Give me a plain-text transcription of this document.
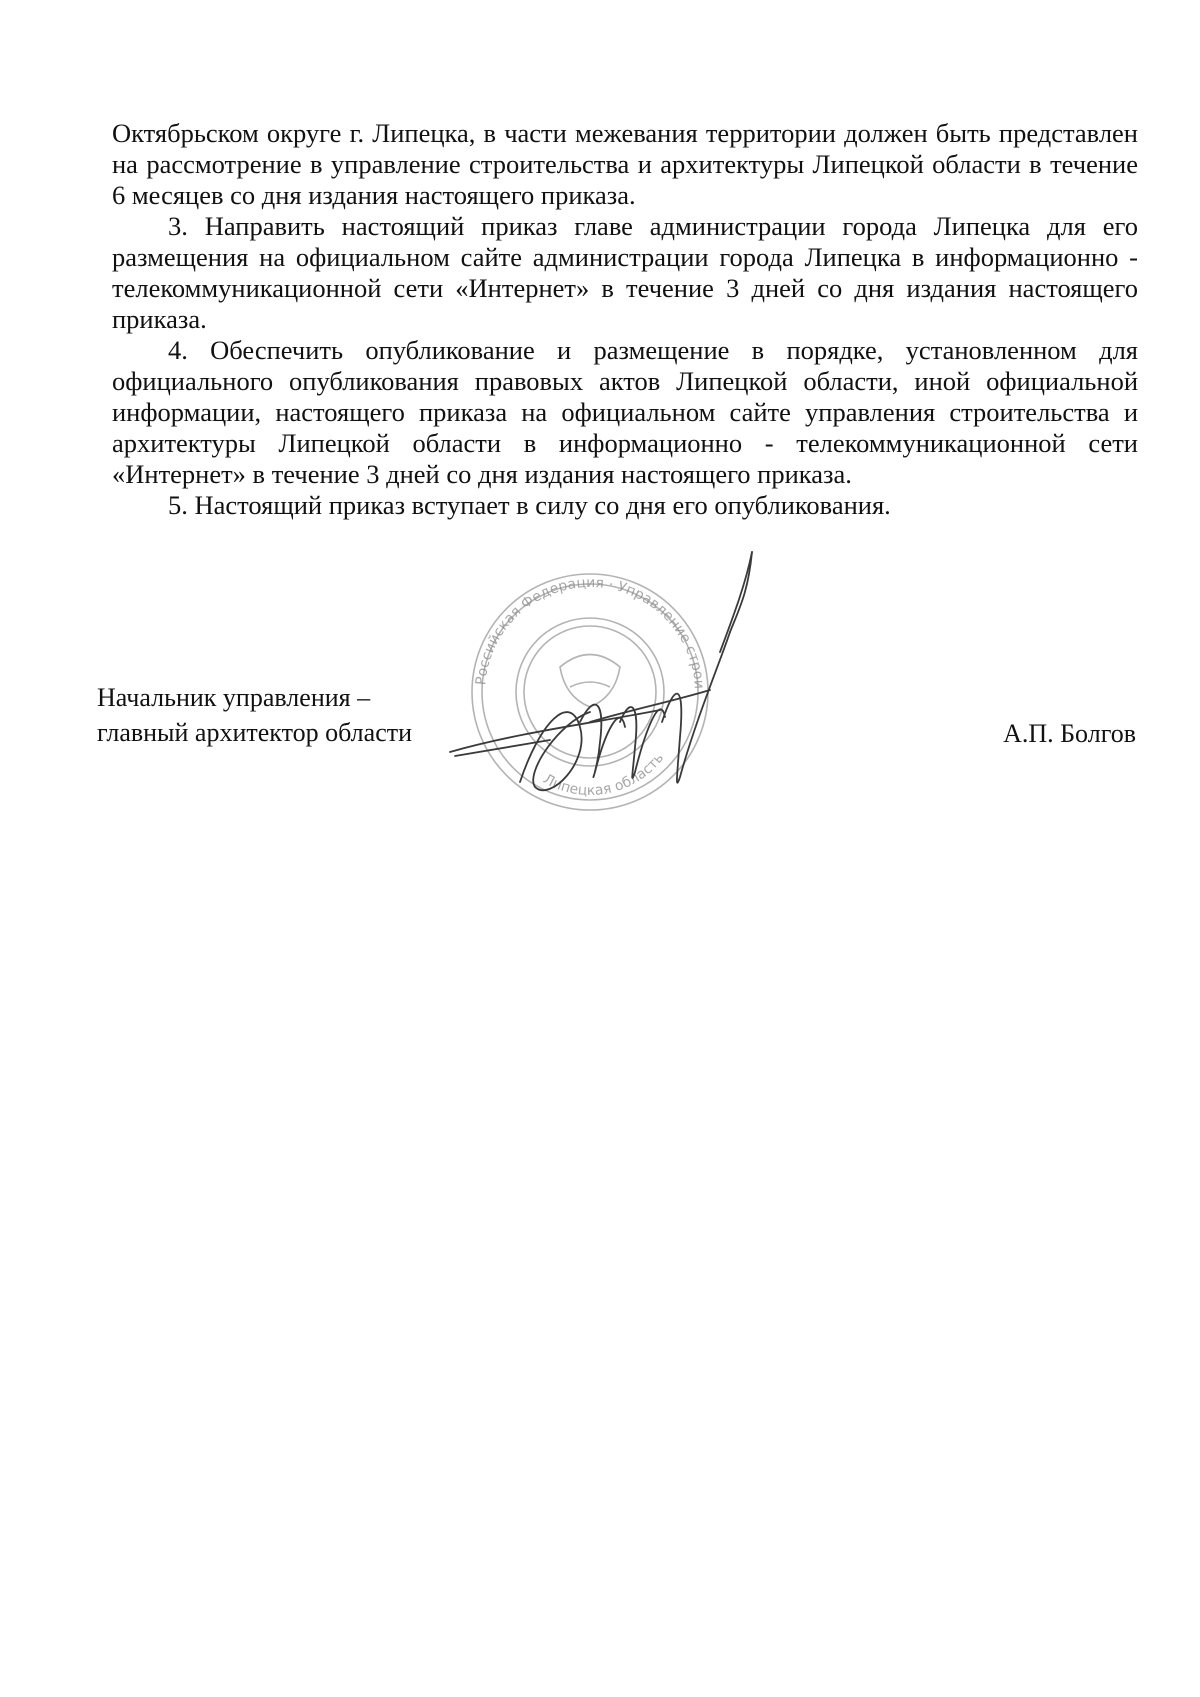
Октябрьском округе г. Липецка, в части межевания территории должен быть представлен на рассмотрение в управление строительства и архитектуры Липецкой области в течение 6 месяцев со дня издания настоящего приказа.

3. Направить настоящий приказ главе администрации города Липецка для его размещения на официальном сайте администрации города Липецка в информационно - телекоммуникационной сети «Интернет» в течение 3 дней со дня издания настоящего приказа.

4. Обеспечить опубликование и размещение в порядке, установленном для официального опубликования правовых актов Липецкой области, иной официальной информации, настоящего приказа на официальном сайте управления строительства и архитектуры Липецкой области в информационно - телекоммуникационной сети «Интернет» в течение 3 дней со дня издания настоящего приказа.

5. Настоящий приказ вступает в силу со дня его опубликования.

Российская Федерация · Управление строительства и архитектуры Липецкой области
Липецкая область
Начальник управления –
главный архитектор области	А.П. Болгов
